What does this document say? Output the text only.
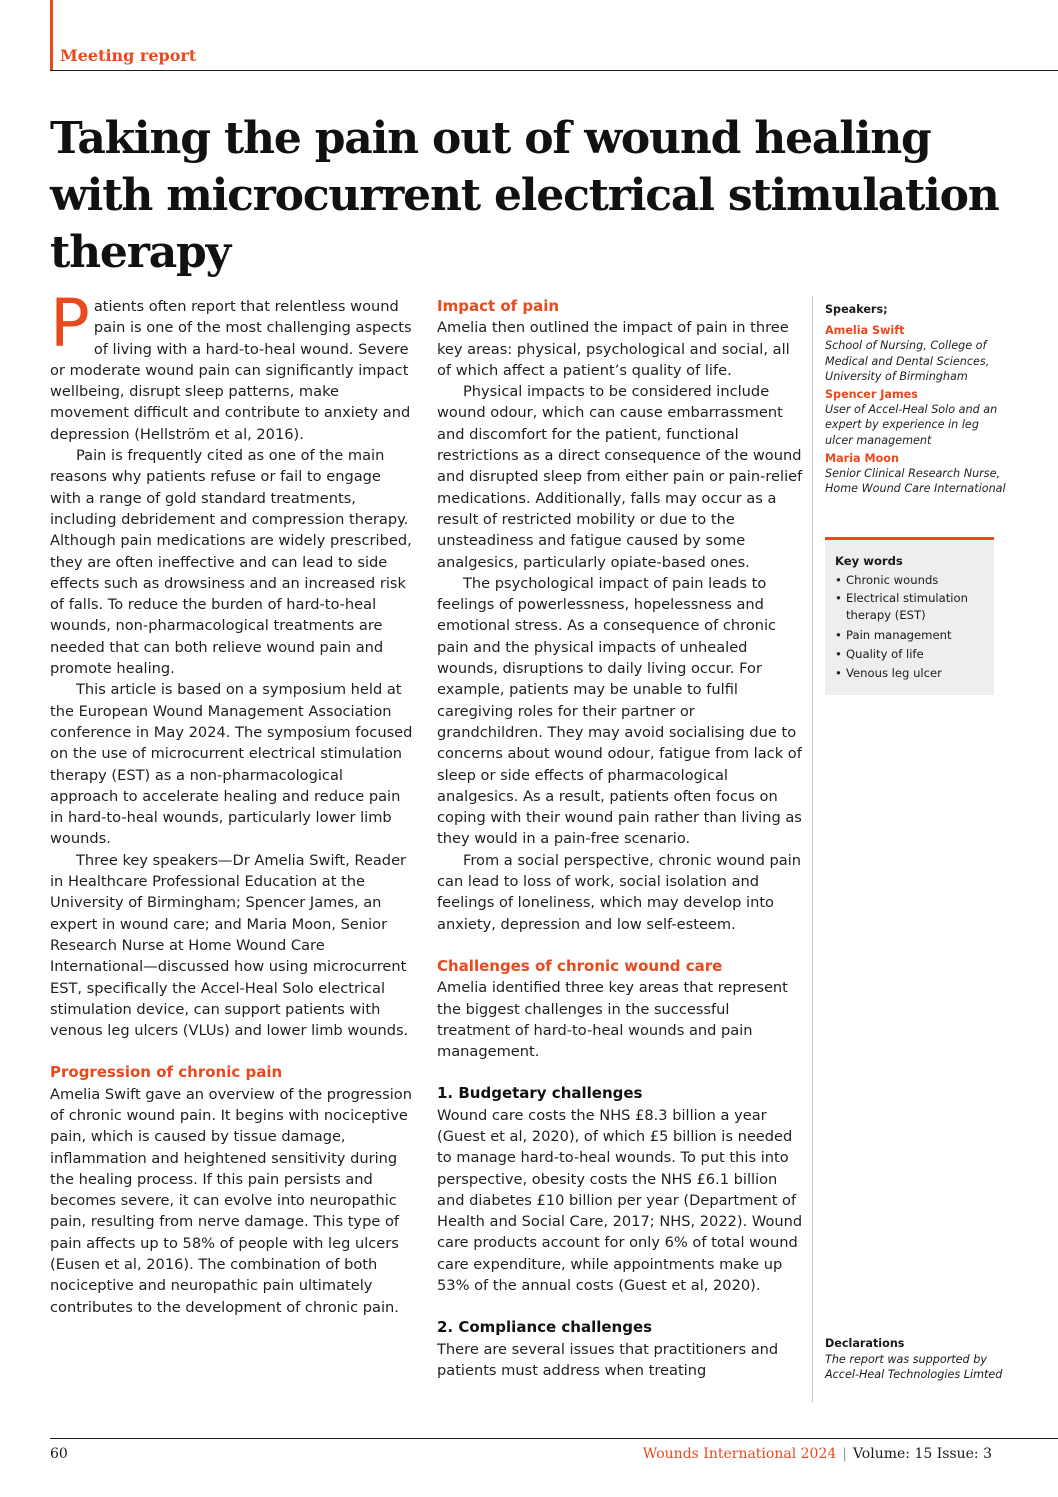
Meeting report
Taking the pain out of wound healing with microcurrent electrical stimulation therapy

Patients often report that relentless wound pain is one of the most challenging aspects of living with a hard-to-heal wound. Severe or moderate wound pain can significantly impact wellbeing, disrupt sleep patterns, make movement difficult and contribute to anxiety and depression (Hellström et al, 2016).

Pain is frequently cited as one of the main reasons why patients refuse or fail to engage with a range of gold standard treatments, including debridement and compression therapy. Although pain medications are widely prescribed, they are often ineffective and can lead to side effects such as drowsiness and an increased risk of falls. To reduce the burden of hard-to-heal wounds, non-pharmacological treatments are needed that can both relieve wound pain and promote healing.

This article is based on a symposium held at the European Wound Management Association conference in May 2024. The symposium focused on the use of microcurrent electrical stimulation therapy (EST) as a non-pharmacological approach to accelerate healing and reduce pain in hard-to-heal wounds, particularly lower limb wounds.

Three key speakers—Dr Amelia Swift, Reader in Healthcare Professional Education at the University of Birmingham; Spencer James, an expert in wound care; and Maria Moon, Senior Research Nurse at Home Wound Care International—discussed how using microcurrent EST, specifically the Accel-Heal Solo electrical stimulation device, can support patients with venous leg ulcers (VLUs) and lower limb wounds.

Progression of chronic pain

Amelia Swift gave an overview of the progression of chronic wound pain. It begins with nociceptive pain, which is caused by tissue damage, inflammation and heightened sensitivity during the healing process. If this pain persists and becomes severe, it can evolve into neuropathic pain, resulting from nerve damage. This type of pain affects up to 58% of people with leg ulcers (Eusen et al, 2016). The combination of both nociceptive and neuropathic pain ultimately contributes to the development of chronic pain.

Impact of pain

Amelia then outlined the impact of pain in three key areas: physical, psychological and social, all of which affect a patient’s quality of life.

Physical impacts to be considered include wound odour, which can cause embarrassment and discomfort for the patient, functional restrictions as a direct consequence of the wound and disrupted sleep from either pain or pain-relief medications. Additionally, falls may occur as a result of restricted mobility or due to the unsteadiness and fatigue caused by some analgesics, particularly opiate-based ones.

The psychological impact of pain leads to feelings of powerlessness, hopelessness and emotional stress. As a consequence of chronic pain and the physical impacts of unhealed wounds, disruptions to daily living occur. For example, patients may be unable to fulfil caregiving roles for their partner or grandchildren. They may avoid socialising due to concerns about wound odour, fatigue from lack of sleep or side effects of pharmacological analgesics. As a result, patients often focus on coping with their wound pain rather than living as they would in a pain-free scenario.

From a social perspective, chronic wound pain can lead to loss of work, social isolation and feelings of loneliness, which may develop into anxiety, depression and low self-esteem.

Challenges of chronic wound care

Amelia identified three key areas that represent the biggest challenges in the successful treatment of hard-to-heal wounds and pain management.

1. Budgetary challenges

Wound care costs the NHS £8.3 billion a year (Guest et al, 2020), of which £5 billion is needed to manage hard-to-heal wounds. To put this into perspective, obesity costs the NHS £6.1 billion and diabetes £10 billion per year (Department of Health and Social Care, 2017; NHS, 2022). Wound care products account for only 6% of total wound care expenditure, while appointments make up 53% of the annual costs (Guest et al, 2020).

2. Compliance challenges

There are several issues that practitioners and patients must address when treating

Speakers;
Amelia Swift
School of Nursing, College of Medical and Dental Sciences, University of Birmingham
Spencer James
User of Accel-Heal Solo and an expert by experience in leg ulcer management
Maria Moon
Senior Clinical Research Nurse, Home Wound Care International
Key words
• Chronic wounds
• Electrical stimulation therapy (EST)
• Pain management
• Quality of life
• Venous leg ulcer
Declarations
The report was supported by Accel-Heal Technologies Limted
60	Wounds International 2024 | Volume: 15 Issue: 3
